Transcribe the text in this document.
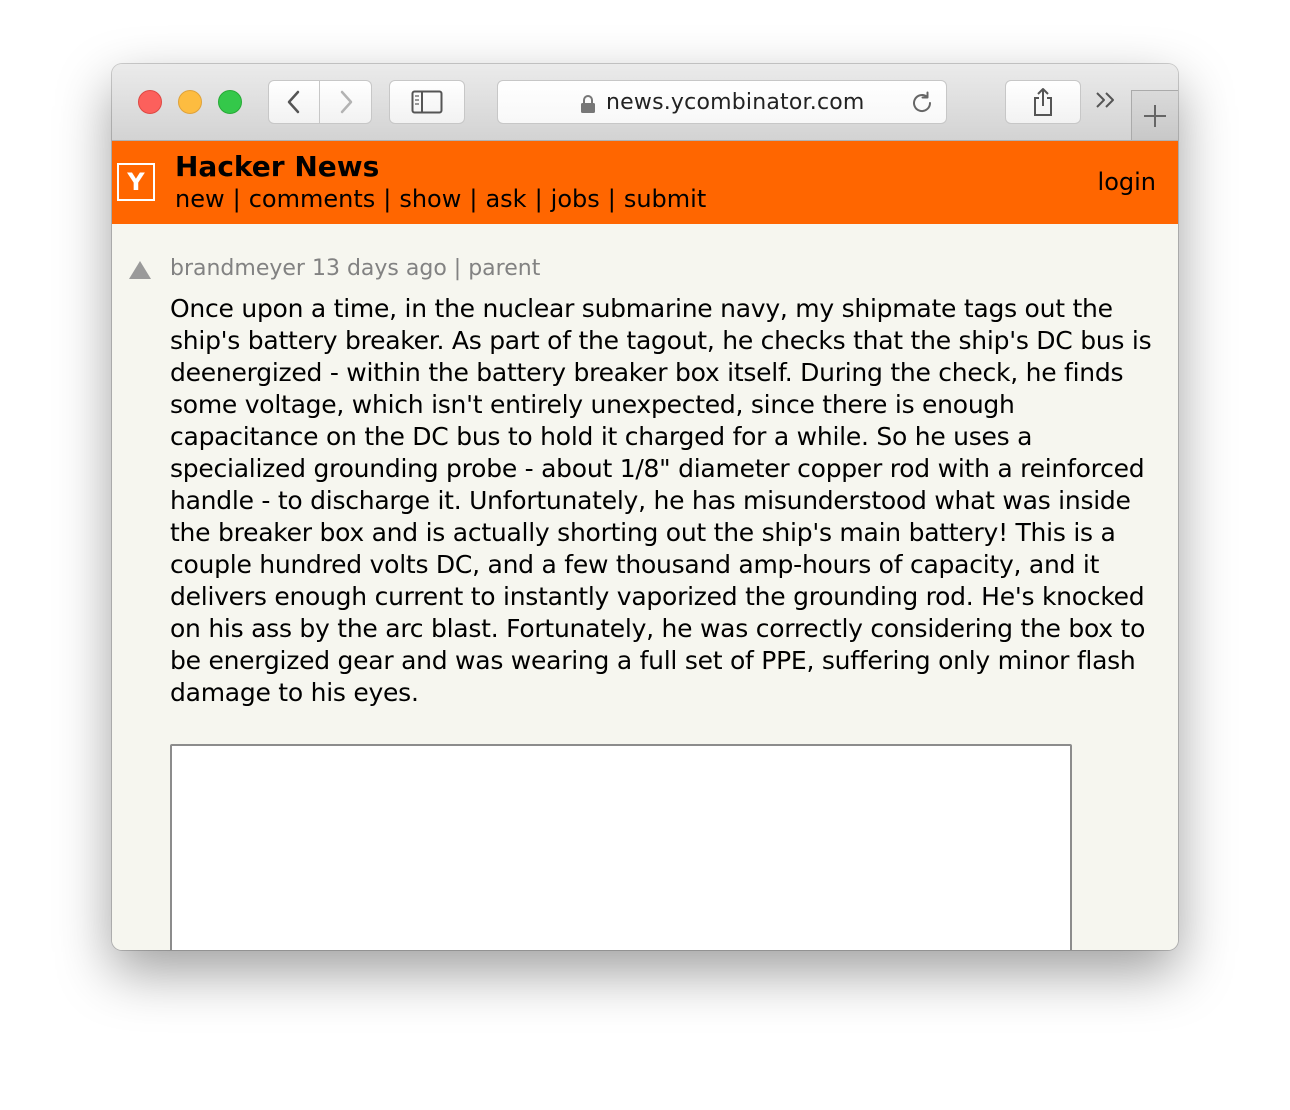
news.ycombinator.com
Y	Hacker News
new | comments | show | ask | jobs | submit
login
brandmeyer 13 days ago | parent

Once upon a time, in the nuclear submarine navy, my shipmate tags out the ship's battery breaker. As part of the tagout, he checks that the ship's DC bus is deenergized - within the battery breaker box itself. During the check, he finds some voltage, which isn't entirely unexpected, since there is enough capacitance on the DC bus to hold it charged for a while. So he uses a specialized grounding probe - about 1/8" diameter copper rod with a reinforced handle - to discharge it. Unfortunately, he has misunderstood what was inside the breaker box and is actually shorting out the ship's main battery! This is a couple hundred volts DC, and a few thousand amp-hours of capacity, and it delivers enough current to instantly vaporized the grounding rod. He's knocked on his ass by the arc blast. Fortunately, he was correctly considering the box to be energized gear and was wearing a full set of PPE, suffering only minor flash damage to his eyes.
